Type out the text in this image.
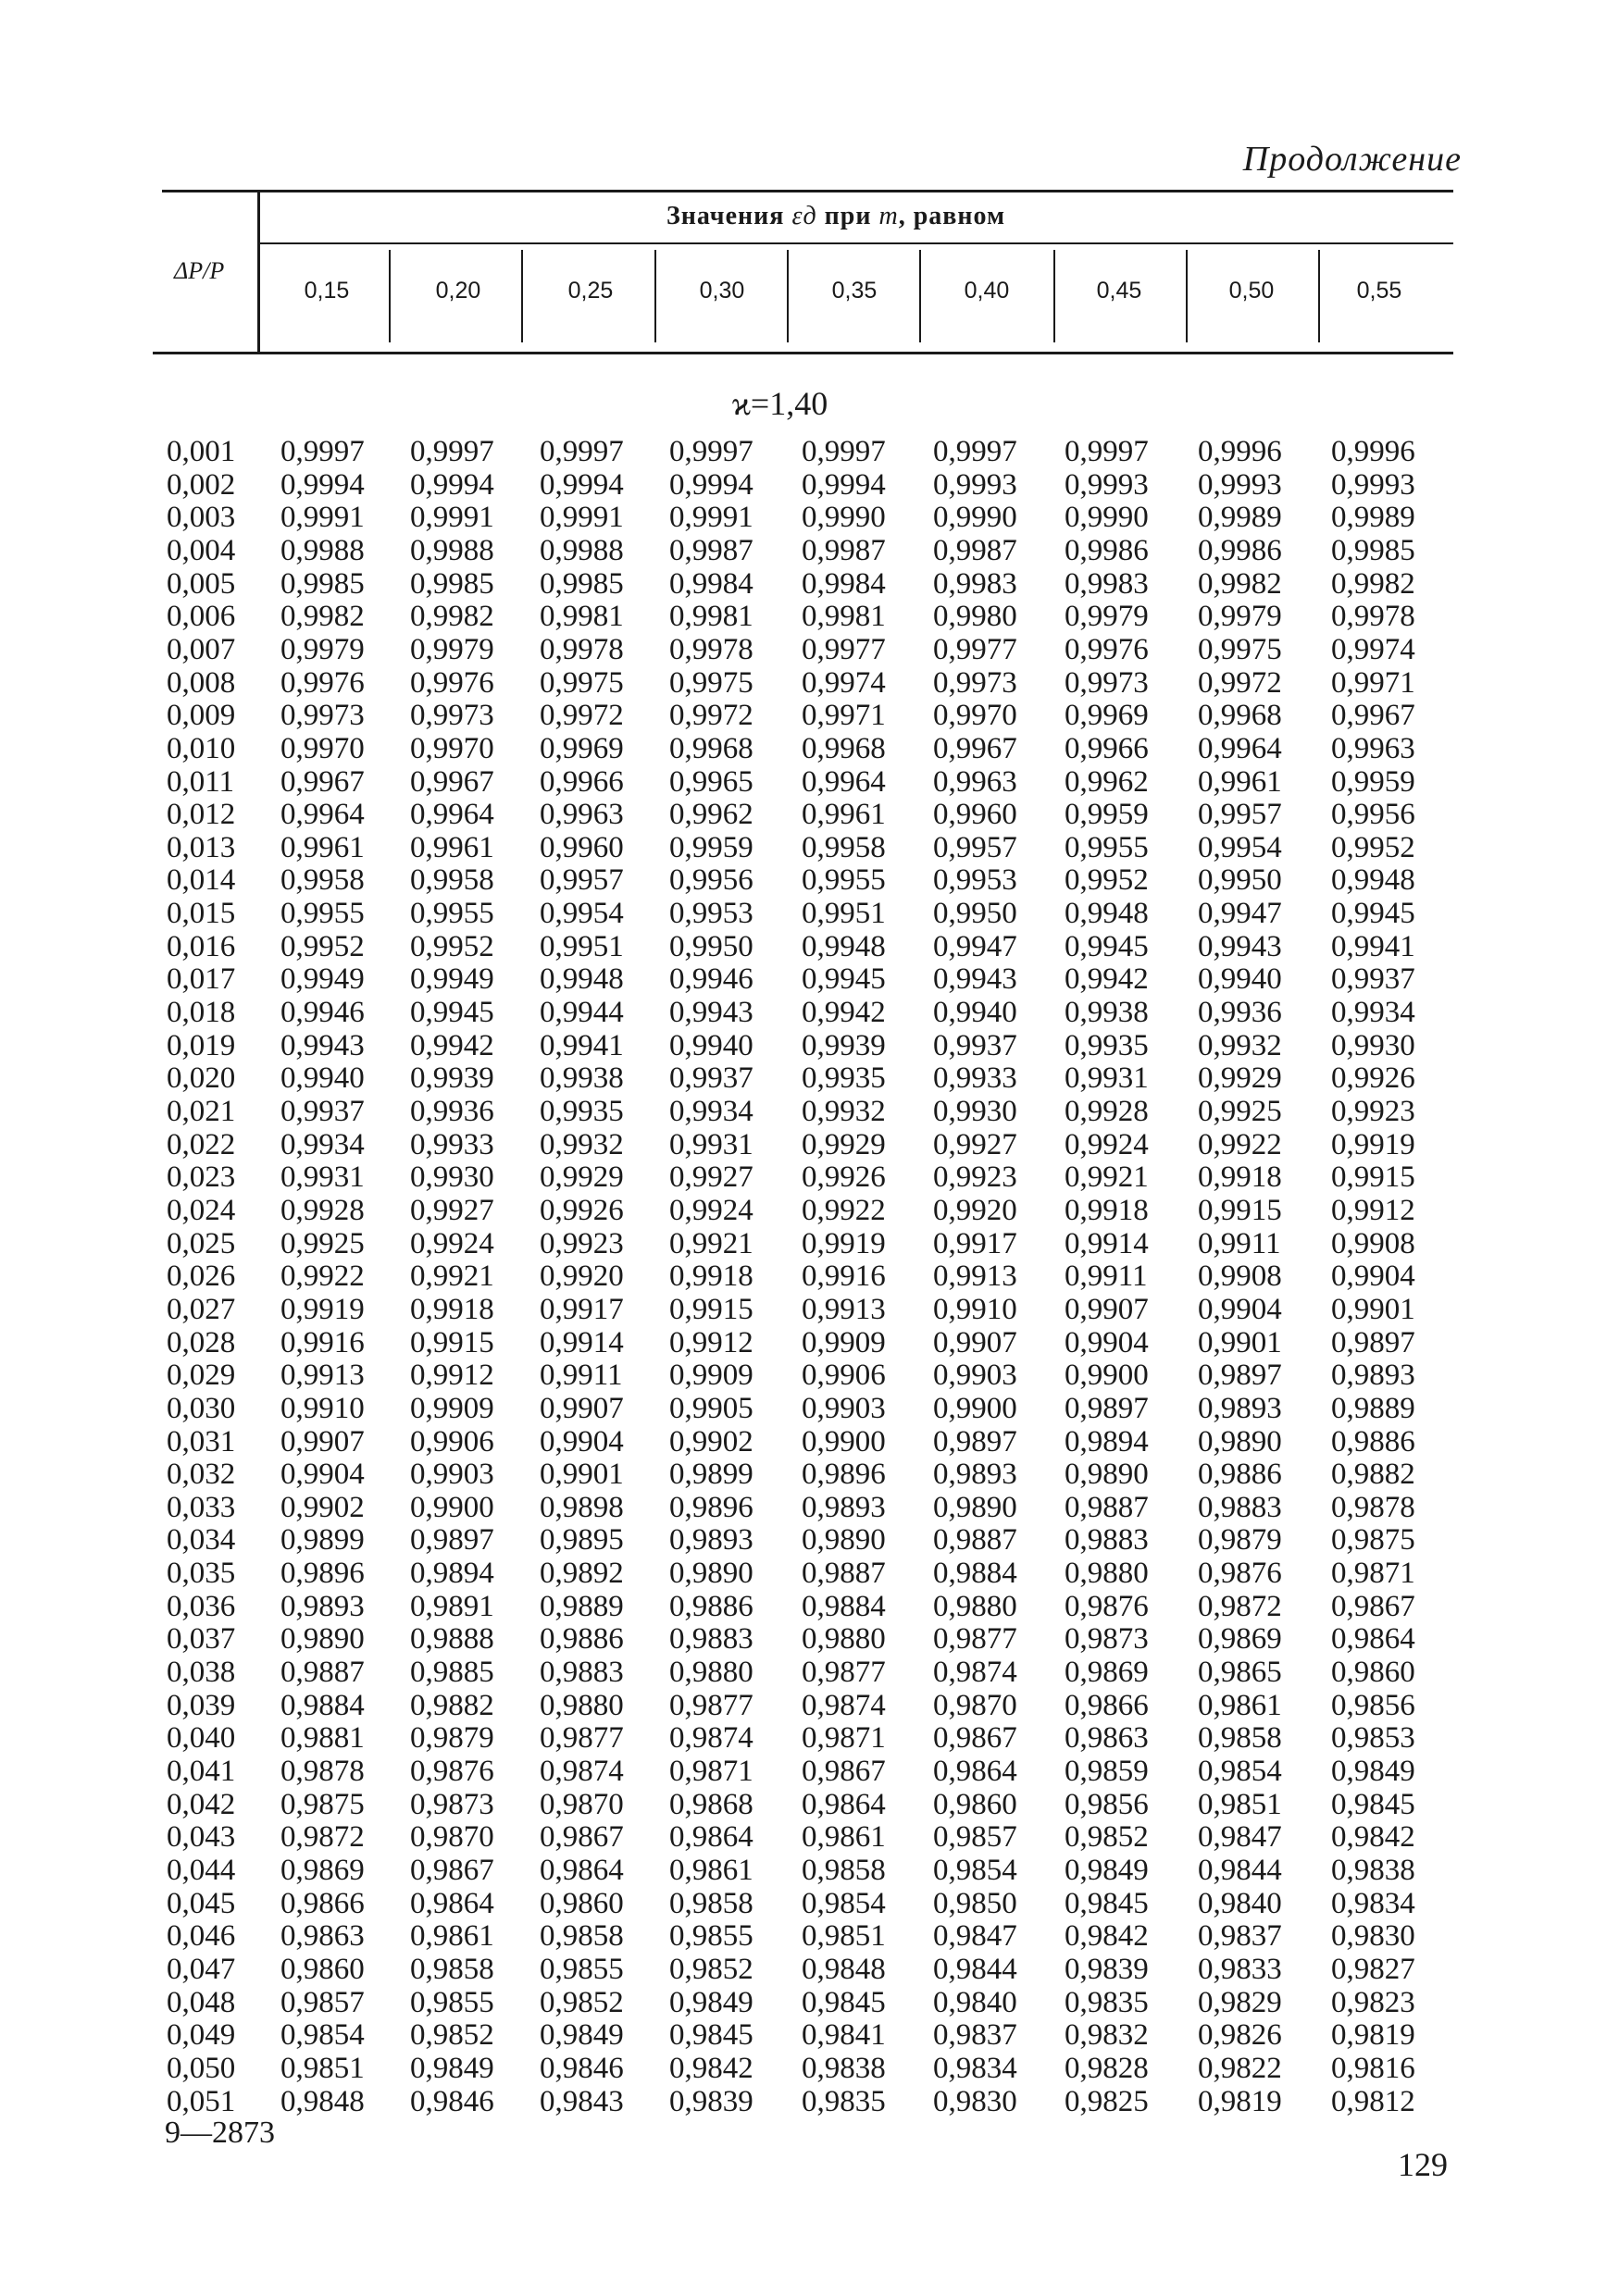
Продолжение
Значения εд при m, равном
ΔP/P
0,15	0,20	0,25	0,30	0,35	0,40	0,45	0,50	0,55
ϰ=1,40
0,001 0,9997 0,9997 0,9997 0,9997 0,9997 0,9997 0,9997 0,9996 0,9996
0,002 0,9994 0,9994 0,9994 0,9994 0,9994 0,9993 0,9993 0,9993 0,9993
0,003 0,9991 0,9991 0,9991 0,9991 0,9990 0,9990 0,9990 0,9989 0,9989
0,004 0,9988 0,9988 0,9988 0,9987 0,9987 0,9987 0,9986 0,9986 0,9985
0,005 0,9985 0,9985 0,9985 0,9984 0,9984 0,9983 0,9983 0,9982 0,9982
0,006 0,9982 0,9982 0,9981 0,9981 0,9981 0,9980 0,9979 0,9979 0,9978
0,007 0,9979 0,9979 0,9978 0,9978 0,9977 0,9977 0,9976 0,9975 0,9974
0,008 0,9976 0,9976 0,9975 0,9975 0,9974 0,9973 0,9973 0,9972 0,9971
0,009 0,9973 0,9973 0,9972 0,9972 0,9971 0,9970 0,9969 0,9968 0,9967
0,010 0,9970 0,9970 0,9969 0,9968 0,9968 0,9967 0,9966 0,9964 0,9963
0,011 0,9967 0,9967 0,9966 0,9965 0,9964 0,9963 0,9962 0,9961 0,9959
0,012 0,9964 0,9964 0,9963 0,9962 0,9961 0,9960 0,9959 0,9957 0,9956
0,013 0,9961 0,9961 0,9960 0,9959 0,9958 0,9957 0,9955 0,9954 0,9952
0,014 0,9958 0,9958 0,9957 0,9956 0,9955 0,9953 0,9952 0,9950 0,9948
0,015 0,9955 0,9955 0,9954 0,9953 0,9951 0,9950 0,9948 0,9947 0,9945
0,016 0,9952 0,9952 0,9951 0,9950 0,9948 0,9947 0,9945 0,9943 0,9941
0,017 0,9949 0,9949 0,9948 0,9946 0,9945 0,9943 0,9942 0,9940 0,9937
0,018 0,9946 0,9945 0,9944 0,9943 0,9942 0,9940 0,9938 0,9936 0,9934
0,019 0,9943 0,9942 0,9941 0,9940 0,9939 0,9937 0,9935 0,9932 0,9930
0,020 0,9940 0,9939 0,9938 0,9937 0,9935 0,9933 0,9931 0,9929 0,9926
0,021 0,9937 0,9936 0,9935 0,9934 0,9932 0,9930 0,9928 0,9925 0,9923
0,022 0,9934 0,9933 0,9932 0,9931 0,9929 0,9927 0,9924 0,9922 0,9919
0,023 0,9931 0,9930 0,9929 0,9927 0,9926 0,9923 0,9921 0,9918 0,9915
0,024 0,9928 0,9927 0,9926 0,9924 0,9922 0,9920 0,9918 0,9915 0,9912
0,025 0,9925 0,9924 0,9923 0,9921 0,9919 0,9917 0,9914 0,9911 0,9908
0,026 0,9922 0,9921 0,9920 0,9918 0,9916 0,9913 0,9911 0,9908 0,9904
0,027 0,9919 0,9918 0,9917 0,9915 0,9913 0,9910 0,9907 0,9904 0,9901
0,028 0,9916 0,9915 0,9914 0,9912 0,9909 0,9907 0,9904 0,9901 0,9897
0,029 0,9913 0,9912 0,9911 0,9909 0,9906 0,9903 0,9900 0,9897 0,9893
0,030 0,9910 0,9909 0,9907 0,9905 0,9903 0,9900 0,9897 0,9893 0,9889
0,031 0,9907 0,9906 0,9904 0,9902 0,9900 0,9897 0,9894 0,9890 0,9886
0,032 0,9904 0,9903 0,9901 0,9899 0,9896 0,9893 0,9890 0,9886 0,9882
0,033 0,9902 0,9900 0,9898 0,9896 0,9893 0,9890 0,9887 0,9883 0,9878
0,034 0,9899 0,9897 0,9895 0,9893 0,9890 0,9887 0,9883 0,9879 0,9875
0,035 0,9896 0,9894 0,9892 0,9890 0,9887 0,9884 0,9880 0,9876 0,9871
0,036 0,9893 0,9891 0,9889 0,9886 0,9884 0,9880 0,9876 0,9872 0,9867
0,037 0,9890 0,9888 0,9886 0,9883 0,9880 0,9877 0,9873 0,9869 0,9864
0,038 0,9887 0,9885 0,9883 0,9880 0,9877 0,9874 0,9869 0,9865 0,9860
0,039 0,9884 0,9882 0,9880 0,9877 0,9874 0,9870 0,9866 0,9861 0,9856
0,040 0,9881 0,9879 0,9877 0,9874 0,9871 0,9867 0,9863 0,9858 0,9853
0,041 0,9878 0,9876 0,9874 0,9871 0,9867 0,9864 0,9859 0,9854 0,9849
0,042 0,9875 0,9873 0,9870 0,9868 0,9864 0,9860 0,9856 0,9851 0,9845
0,043 0,9872 0,9870 0,9867 0,9864 0,9861 0,9857 0,9852 0,9847 0,9842
0,044 0,9869 0,9867 0,9864 0,9861 0,9858 0,9854 0,9849 0,9844 0,9838
0,045 0,9866 0,9864 0,9860 0,9858 0,9854 0,9850 0,9845 0,9840 0,9834
0,046 0,9863 0,9861 0,9858 0,9855 0,9851 0,9847 0,9842 0,9837 0,9830
0,047 0,9860 0,9858 0,9855 0,9852 0,9848 0,9844 0,9839 0,9833 0,9827
0,048 0,9857 0,9855 0,9852 0,9849 0,9845 0,9840 0,9835 0,9829 0,9823
0,049 0,9854 0,9852 0,9849 0,9845 0,9841 0,9837 0,9832 0,9826 0,9819
0,050 0,9851 0,9849 0,9846 0,9842 0,9838 0,9834 0,9828 0,9822 0,9816
0,051 0,9848 0,9846 0,9843 0,9839 0,9835 0,9830 0,9825 0,9819 0,9812
9—2873
129
